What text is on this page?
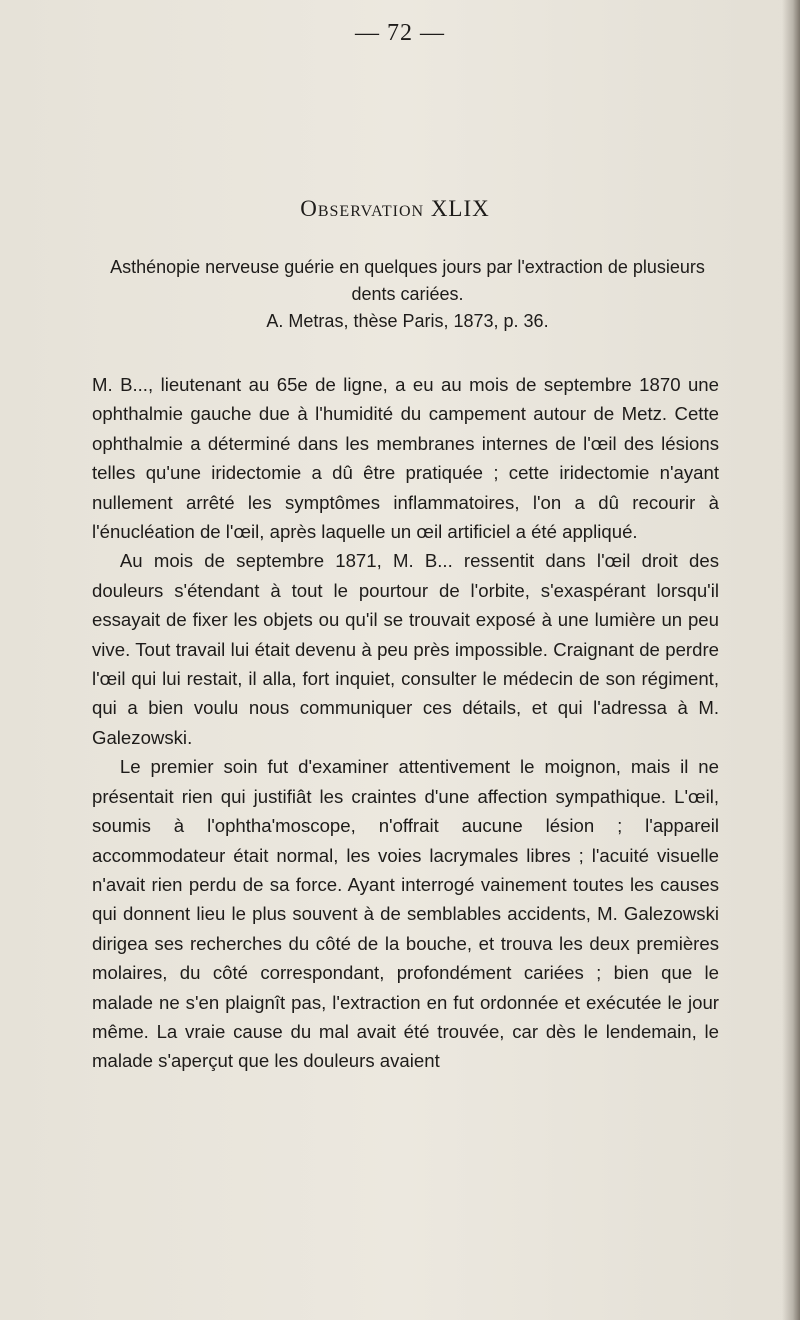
— 72 —
Observation XLIX
Asthénopie nerveuse guérie en quelques jours par l'extraction de plusieurs dents cariées.
A. Metras, thèse Paris, 1873, p. 36.

M. B..., lieutenant au 65e de ligne, a eu au mois de septembre 1870 une ophthalmie gauche due à l'humidité du campement autour de Metz. Cette ophthalmie a déterminé dans les membranes internes de l'œil des lésions telles qu'une iridectomie a dû être pratiquée ; cette iridectomie n'ayant nullement arrêté les symptômes inflammatoires, l'on a dû recourir à l'énucléation de l'œil, après laquelle un œil artificiel a été appliqué.

Au mois de septembre 1871, M. B... ressentit dans l'œil droit des douleurs s'étendant à tout le pourtour de l'orbite, s'exaspérant lorsqu'il essayait de fixer les objets ou qu'il se trouvait exposé à une lumière un peu vive. Tout travail lui était devenu à peu près impossible. Craignant de perdre l'œil qui lui restait, il alla, fort inquiet, consulter le médecin de son régiment, qui a bien voulu nous communiquer ces détails, et qui l'adressa à M. Galezowski.

Le premier soin fut d'examiner attentivement le moignon, mais il ne présentait rien qui justifiât les craintes d'une affection sympathique. L'œil, soumis à l'ophtha'moscope, n'offrait aucune lésion ; l'appareil accommodateur était normal, les voies lacrymales libres ; l'acuité visuelle n'avait rien perdu de sa force. Ayant interrogé vainement toutes les causes qui donnent lieu le plus souvent à de semblables accidents, M. Galezowski dirigea ses recherches du côté de la bouche, et trouva les deux premières molaires, du côté correspondant, profondément cariées ; bien que le malade ne s'en plaignît pas, l'extraction en fut ordonnée et exécutée le jour même. La vraie cause du mal avait été trouvée, car dès le lendemain, le malade s'aperçut que les douleurs avaient
